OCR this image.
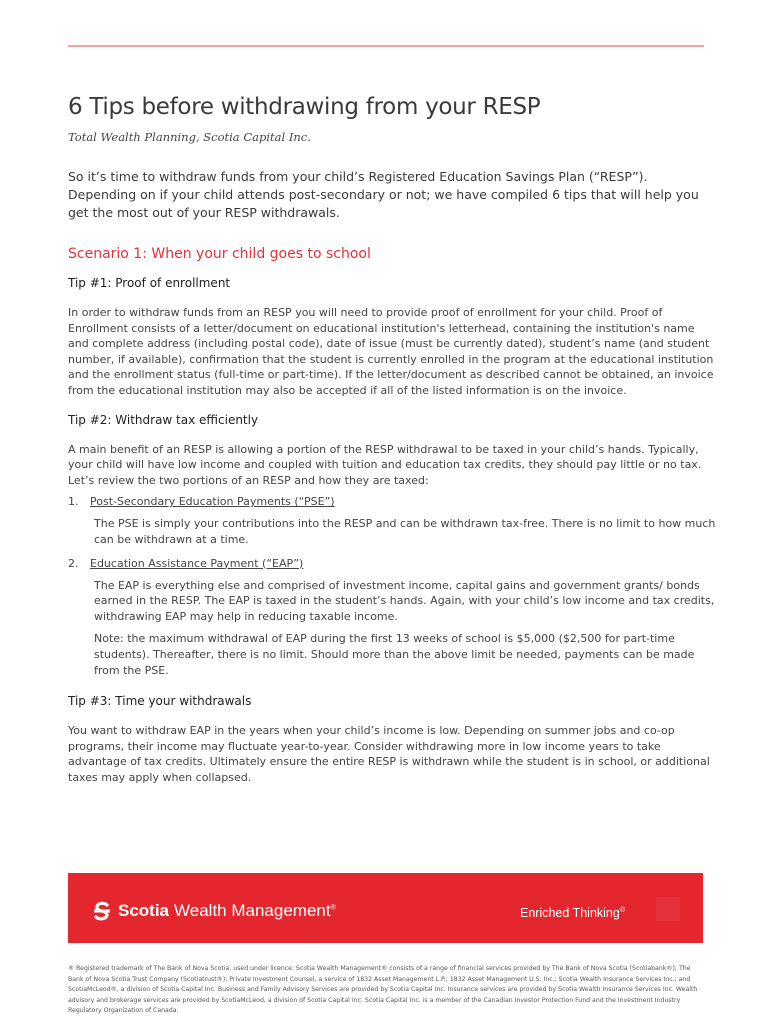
6 Tips before withdrawing from your RESP
Total Wealth Planning, Scotia Capital Inc.
So it’s time to withdraw funds from your child’s Registered Education Savings Plan (“RESP”). Depending on if your child attends post-secondary or not; we have compiled 6 tips that will help you get the most out of your RESP withdrawals.
Scenario 1: When your child goes to school
Tip #1: Proof of enrollment
In order to withdraw funds from an RESP you will need to provide proof of enrollment for your child. Proof of Enrollment consists of a letter/document on educational institution's letterhead, containing the institution's name and complete address (including postal code), date of issue (must be currently dated), student’s name (and student number, if available), confirmation that the student is currently enrolled in the program at the educational institution and the enrollment status (full-time or part-time). If the letter/document as described cannot be obtained, an invoice from the educational institution may also be accepted if all of the listed information is on the invoice.
Tip #2: Withdraw tax efficiently
A main benefit of an RESP is allowing a portion of the RESP withdrawal to be taxed in your child’s hands. Typically, your child will have low income and coupled with tuition and education tax credits, they should pay little or no tax. Let’s review the two portions of an RESP and how they are taxed:
1.	Post-Secondary Education Payments (“PSE”)
The PSE is simply your contributions into the RESP and can be withdrawn tax-free. There is no limit to how much can be withdrawn at a time.
2.	Education Assistance Payment (“EAP”)
The EAP is everything else and comprised of investment income, capital gains and government grants/ bonds earned in the RESP. The EAP is taxed in the student’s hands. Again, with your child’s low income and tax credits, withdrawing EAP may help in reducing taxable income.
Note: the maximum withdrawal of EAP during the first 13 weeks of school is $5,000 ($2,500 for part-time students). Thereafter, there is no limit. Should more than the above limit be needed, payments can be made from the PSE.
Tip #3: Time your withdrawals
You want to withdraw EAP in the years when your child’s income is low. Depending on summer jobs and co-op programs, their income may fluctuate year-to-year. Consider withdrawing more in low income years to take advantage of tax credits. Ultimately ensure the entire RESP is withdrawn while the student is in school, or additional taxes may apply when collapsed.
Scotia Wealth Management®	Enriched Thinking®
® Registered trademark of The Bank of Nova Scotia, used under licence. Scotia Wealth Management® consists of a range of financial services provided by The Bank of Nova Scotia (Scotiabank®); The Bank of Nova Scotia Trust Company (Scotiatrust®); Private Investment Counsel, a service of 1832 Asset Management L.P.; 1832 Asset Management U.S. Inc.; Scotia Wealth Insurance Services Inc.; and ScotiaMcLeod®, a division of Scotia Capital Inc. Business and Family Advisory Services are provided by Scotia Capital Inc. Insurance services are provided by Scotia Wealth Insurance Services Inc. Wealth advisory and brokerage services are provided by ScotiaMcLeod, a division of Scotia Capital Inc. Scotia Capital Inc. is a member of the Canadian Investor Protection Fund and the Investment Industry Regulatory Organization of Canada.
